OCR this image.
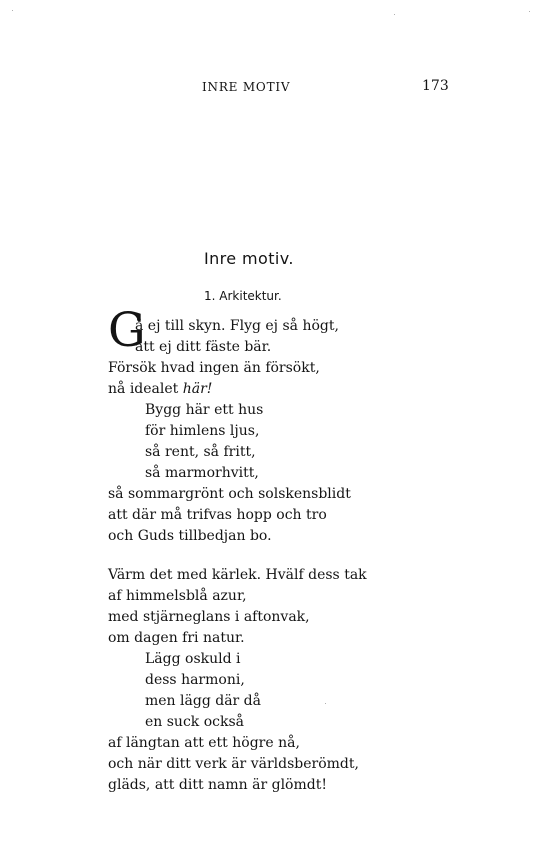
INRE MOTIV	173
Inre motiv.
1. Arkitektur.
G
å ej till skyn. Flyg ej så högt,
att ej ditt fäste bär.
Försök hvad ingen än försökt,
nå idealet här!
Bygg här ett hus
för himlens ljus,
så rent, så fritt,
så marmorhvitt,
så sommargrönt och solskensblidt
att där må trifvas hopp och tro
och Guds tillbedjan bo.
Värm det med kärlek. Hvälf dess tak
af himmelsblå azur,
med stjärneglans i aftonvak,
om dagen fri natur.
Lägg oskuld i
dess harmoni,
men lägg där då
en suck också
af längtan att ett högre nå,
och när ditt verk är världsberömdt,
gläds, att ditt namn är glömdt!
